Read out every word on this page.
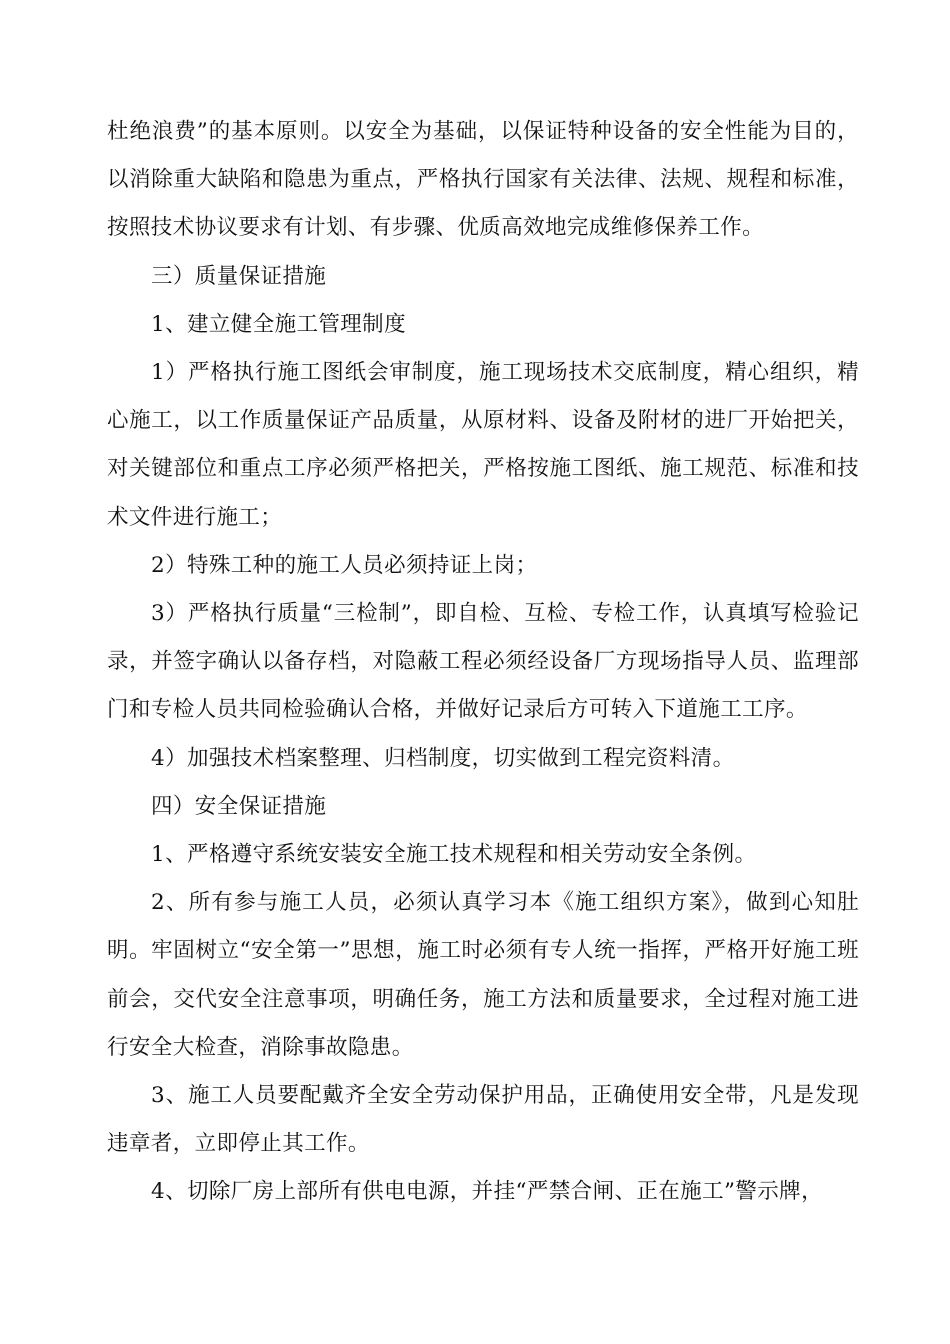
杜绝浪费”的基本原则。以安全为基础，以保证特种设备的安全性能为目的，以消除重大缺陷和隐患为重点，严格执行国家有关法律、法规、规程和标准，按照技术协议要求有计划、有步骤、优质高效地完成维修保养工作。

三）质量保证措施

1、建立健全施工管理制度

1）严格执行施工图纸会审制度，施工现场技术交底制度，精心组织，精心施工，以工作质量保证产品质量，从原材料、设备及附材的进厂开始把关，对关键部位和重点工序必须严格把关，严格按施工图纸、施工规范、标准和技术文件进行施工；

2）特殊工种的施工人员必须持证上岗；

3）严格执行质量“三检制”，即自检、互检、专检工作，认真填写检验记录，并签字确认以备存档，对隐蔽工程必须经设备厂方现场指导人员、监理部门和专检人员共同检验确认合格，并做好记录后方可转入下道施工工序。

4）加强技术档案整理、归档制度，切实做到工程完资料清。

四）安全保证措施

1、严格遵守系统安装安全施工技术规程和相关劳动安全条例。

2、所有参与施工人员，必须认真学习本《施工组织方案》，做到心知肚明。牢固树立“安全第一”思想，施工时必须有专人统一指挥，严格开好施工班前会，交代安全注意事项，明确任务，施工方法和质量要求，全过程对施工进行安全大检查，消除事故隐患。

3、施工人员要配戴齐全安全劳动保护用品，正确使用安全带，凡是发现违章者，立即停止其工作。

4、切除厂房上部所有供电电源，并挂“严禁合闸、正在施工”警示牌，
